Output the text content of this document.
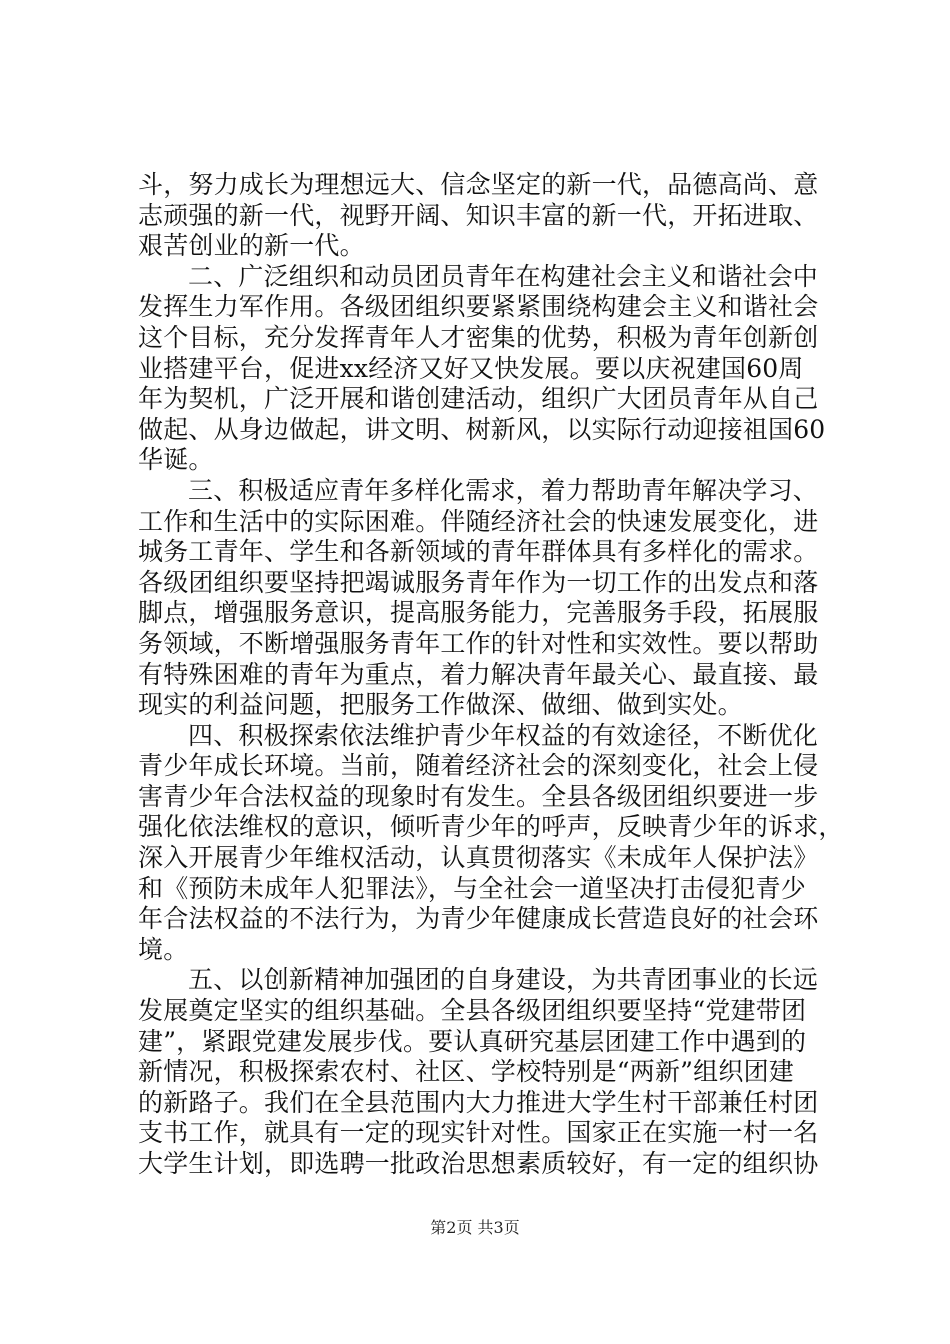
斗，努力成长为理想远大、信念坚定的新一代，品德高尚、意
志顽强的新一代，视野开阔、知识丰富的新一代，开拓进取、
艰苦创业的新一代。
二、广泛组织和动员团员青年在构建社会主义和谐社会中
发挥生力军作用。各级团组织要紧紧围绕构建会主义和谐社会
这个目标，充分发挥青年人才密集的优势，积极为青年创新创
业搭建平台，促进xx经济又好又快发展。要以庆祝建国60周
年为契机，广泛开展和谐创建活动，组织广大团员青年从自己
做起、从身边做起，讲文明、树新风，以实际行动迎接祖国60
华诞。
三、积极适应青年多样化需求，着力帮助青年解决学习、
工作和生活中的实际困难。伴随经济社会的快速发展变化，进
城务工青年、学生和各新领域的青年群体具有多样化的需求。
各级团组织要坚持把竭诚服务青年作为一切工作的出发点和落
脚点，增强服务意识，提高服务能力，完善服务手段，拓展服
务领域，不断增强服务青年工作的针对性和实效性。要以帮助
有特殊困难的青年为重点，着力解决青年最关心、最直接、最
现实的利益问题，把服务工作做深、做细、做到实处。
四、积极探索依法维护青少年权益的有效途径，不断优化
青少年成长环境。当前，随着经济社会的深刻变化，社会上侵
害青少年合法权益的现象时有发生。全县各级团组织要进一步
强化依法维权的意识，倾听青少年的呼声，反映青少年的诉求，
深入开展青少年维权活动，认真贯彻落实《未成年人保护法》
和《预防未成年人犯罪法》，与全社会一道坚决打击侵犯青少
年合法权益的不法行为，为青少年健康成长营造良好的社会环
境。
五、以创新精神加强团的自身建设，为共青团事业的长远
发展奠定坚实的组织基础。全县各级团组织要坚持“党建带团
建”，紧跟党建发展步伐。要认真研究基层团建工作中遇到的
新情况，积极探索农村、社区、学校特别是“两新”组织团建
的新路子。我们在全县范围内大力推进大学生村干部兼任村团
支书工作，就具有一定的现实针对性。国家正在实施一村一名
大学生计划，即选聘一批政治思想素质较好，有一定的组织协
第2页 共3页
